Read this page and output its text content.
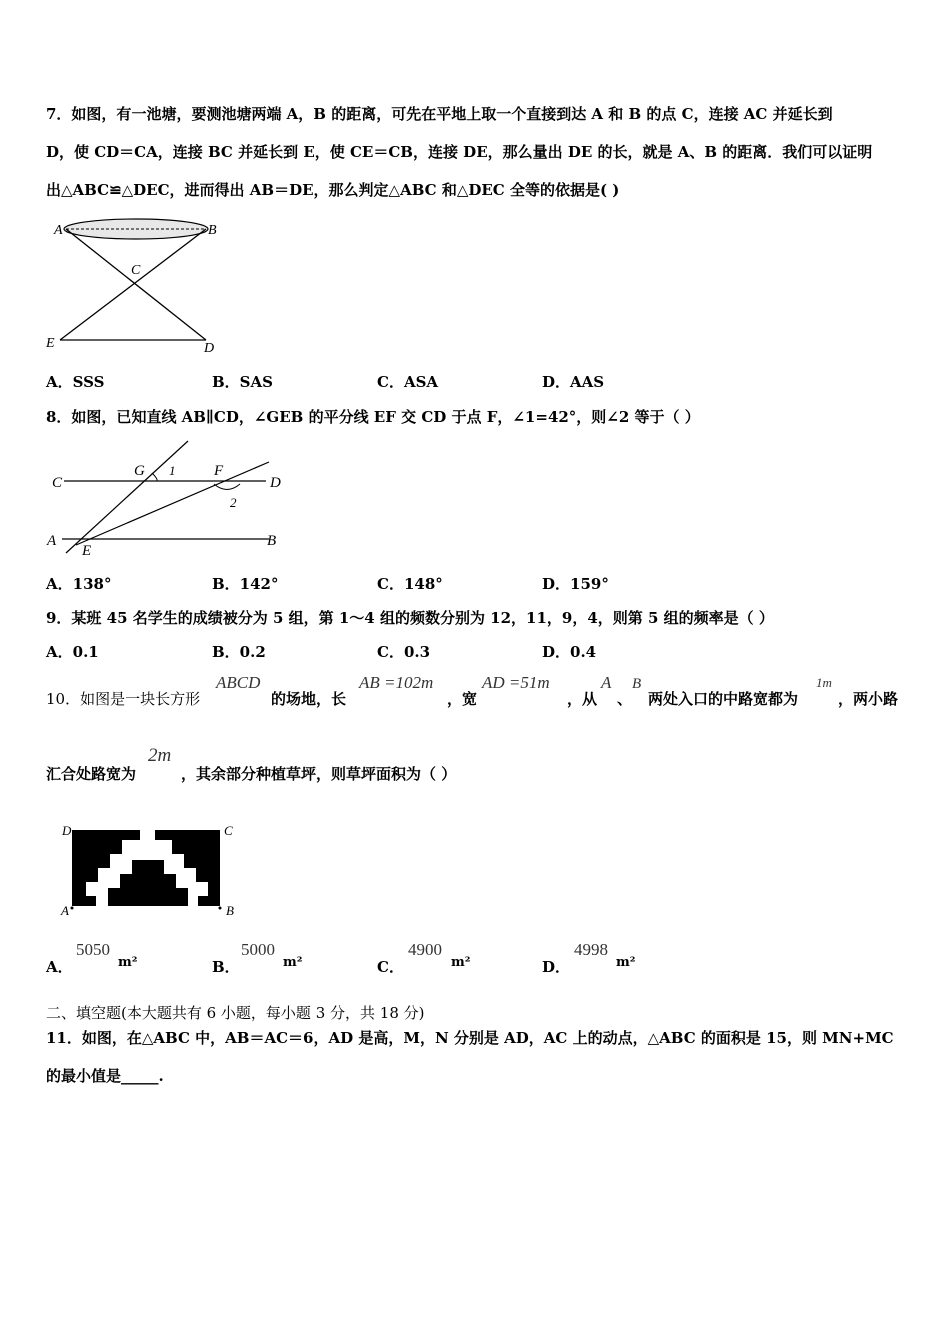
7．如图，有一池塘，要测池塘两端 A，B 的距离，可先在平地上取一个直接到达 A 和 B 的点 C，连接 AC 并延长到
D，使 CD＝CA，连接 BC 并延长到 E，使 CE＝CB，连接 DE，那么量出 DE 的长，就是 A、B 的距离．我们可以证明
出△ABC≌△DEC，进而得出 AB＝DE，那么判定△ABC 和△DEC 全等的依据是( )
A	B
C
E	D
A．SSS	B．SAS	C．ASA	D．AAS
8．如图，已知直线 AB∥CD，∠GEB 的平分线 EF 交 CD 于点 F，∠1=42°，则∠2 等于（ ）
C
G 1	F
D
2
A
E
B
A．138°	B．142°	C．148°	D．159°
9．某班 45 名学生的成绩被分为 5 组，第 1～4 组的频数分别为 12，11，9，4，则第 5 组的频率是（ ）
A．0.1	B．0.2	C．0.3	D．0.4
10．如图是一块长方形
ABCD
的场地，长
AB =102m
，宽
AD =51m
，从
A
、
B
两处入口的中路宽都为
1m
，两小路
汇合处路宽为
2m
，其余部分种植草坪，则草坪面积为（ ）
D	C
A	B
A．
5050
m²	B．
5000
m²	C．
4900
m²	D．
4998
m²
二、填空题(本大题共有 6 小题，每小题 3 分，共 18 分)
11．如图，在△ABC 中，AB＝AC＝6，AD 是高，M，N 分别是 AD，AC 上的动点，△ABC 的面积是 15，则 MN+MC
的最小值是_____.
